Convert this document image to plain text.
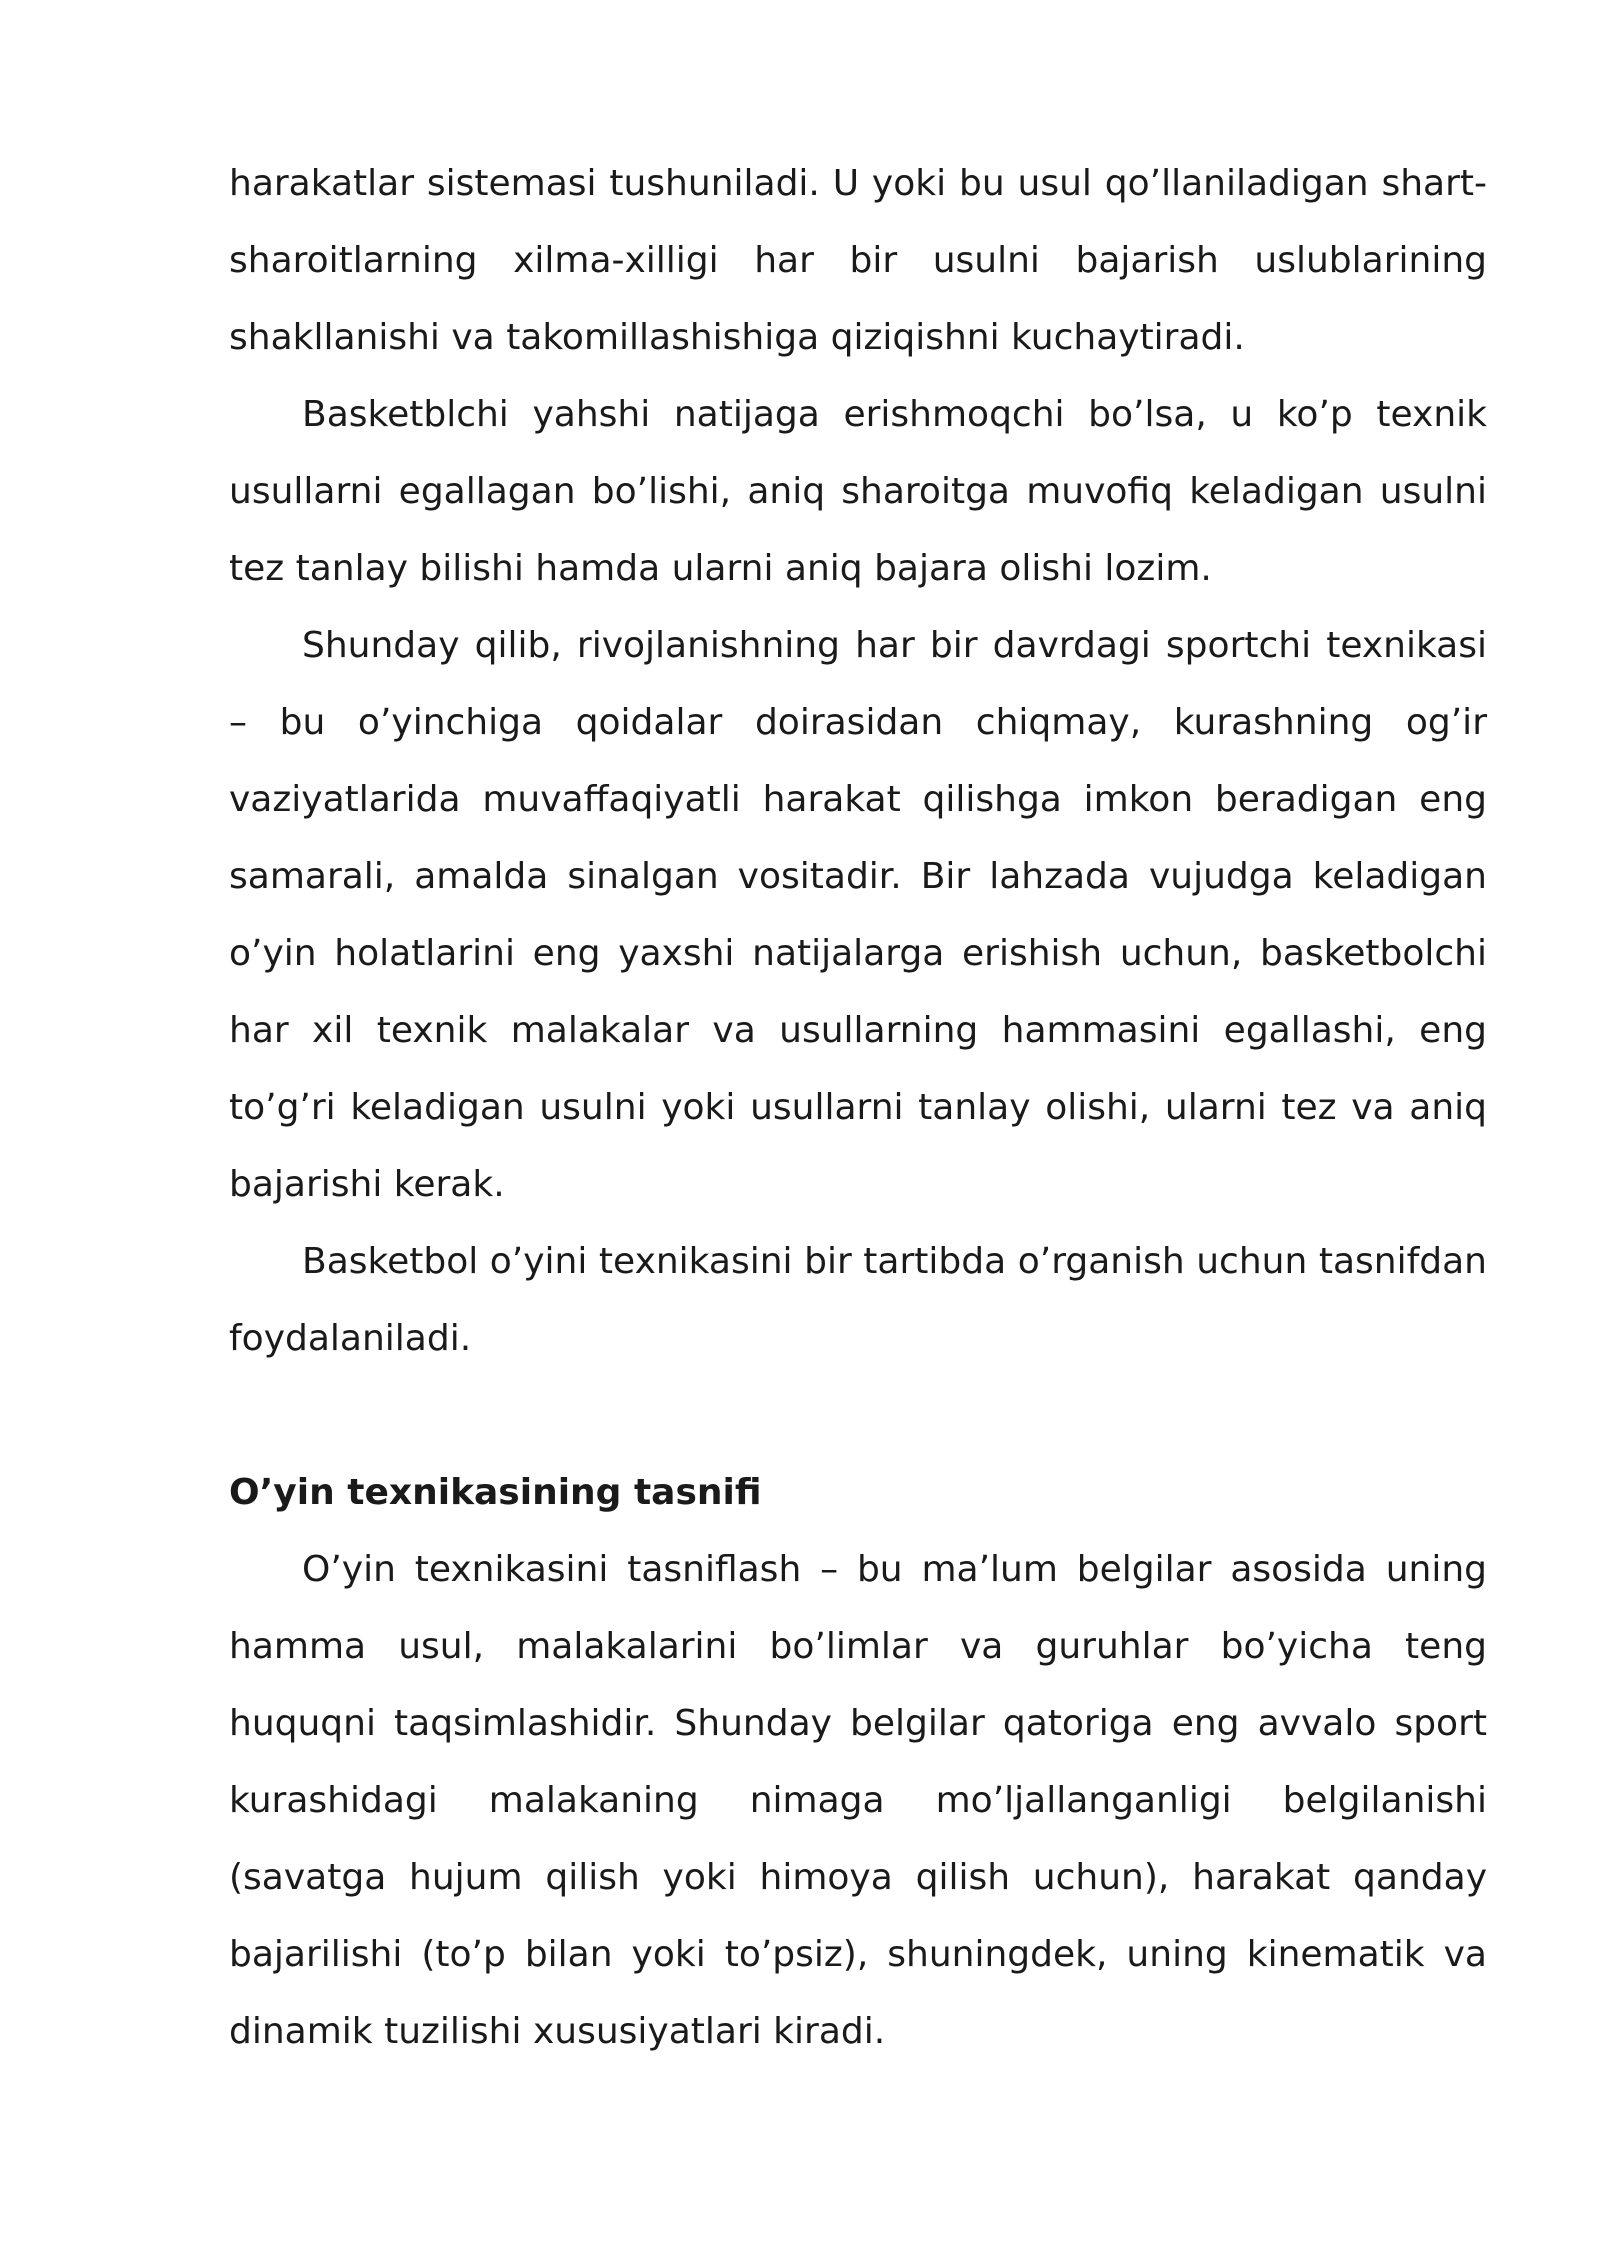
harakatlar sistemasi tushuniladi. U yoki bu usul qo’llaniladigan shart-sharoitlarning xilma-xilligi har bir usulni bajarish uslublarining shakllanishi va takomillashishiga qiziqishni kuchaytiradi.

Basketblchi yahshi natijaga erishmoqchi bo’lsa, u ko’p texnik usullarni egallagan bo’lishi, aniq sharoitga muvofiq keladigan usulni tez tanlay bilishi hamda ularni aniq bajara olishi lozim.

Shunday qilib, rivojlanishning har bir davrdagi sportchi texnikasi – bu o’yinchiga qoidalar doirasidan chiqmay, kurashning og’ir vaziyatlarida muvaffaqiyatli harakat qilishga imkon beradigan eng samarali, amalda sinalgan vositadir. Bir lahzada vujudga keladigan o’yin holatlarini eng yaxshi natijalarga erishish uchun, basketbolchi har xil texnik malakalar va usullarning hammasini egallashi, eng to’g’ri keladigan usulni yoki usullarni tanlay olishi, ularni tez va aniq bajarishi kerak.

Basketbol o’yini texnikasini bir tartibda o’rganish uchun tasnifdan foydalaniladi.

O’yin texnikasining tasnifi

O’yin texnikasini tasniflash – bu ma’lum belgilar asosida uning hamma usul, malakalarini bo’limlar va guruhlar bo’yicha teng huquqni taqsimlashidir. Shunday belgilar qatoriga eng avvalo sport kurashidagi malakaning nimaga mo’ljallanganligi belgilanishi (savatga hujum qilish yoki himoya qilish uchun), harakat qanday bajarilishi (to’p bilan yoki to’psiz), shuningdek, uning kinematik va dinamik tuzilishi xususiyatlari kiradi.
